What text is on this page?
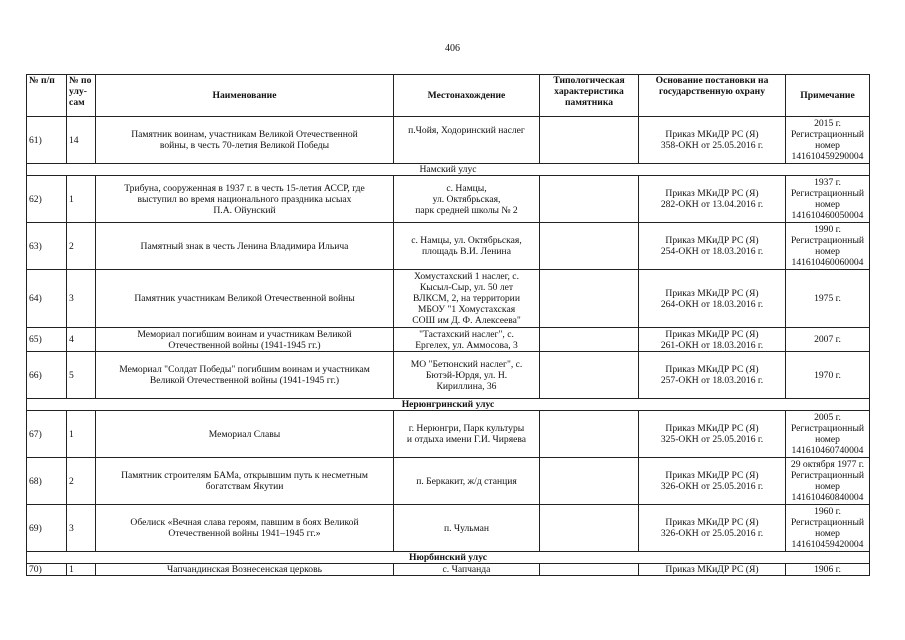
406
№ п/п	№ по
улу-
сам	Наименование	Местонахождение	Типологическая
характеристика
памятника	Основание постановки на
государственную охрану	Примечание
61)	14	Памятник воинам, участникам Великой Отечественной
войны, в честь 70-летия Великой Победы	п.Чойя, Ходоринский наслег		Приказ МКиДР РС (Я)
358-ОКН от 25.05.2016 г.	2015 г.
Регистрационный
номер
141610459290004
Намский улус						
62)	1	Трибуна, сооруженная в 1937 г. в честь 15-летия АССР, где
выступил во время национального праздника ысыах
П.А. Ойунский	с. Намцы,
ул. Октябрьская,
парк средней школы № 2		Приказ МКиДР РС (Я)
282-ОКН от 13.04.2016 г.	1937 г.
Регистрационный
номер
141610460050004
63)	2	Памятный знак в честь Ленина Владимира Ильича	с. Намцы, ул. Октябрьская,
площадь В.И. Ленина		Приказ МКиДР РС (Я)
254-ОКН от 18.03.2016 г.	1990 г.
Регистрационный
номер
141610460060004
64)	3	Памятник участникам Великой Отечественной войны	Хомустахский 1 наслег, с.
Кысыл-Сыр, ул. 50 лет
ВЛКСМ, 2, на территории
МБОУ "1 Хомустахская
СОШ им Д. Ф. Алексеева"		Приказ МКиДР РС (Я)
264-ОКН от 18.03.2016 г.	1975 г.
65)	4	Мемориал погибшим воинам и участникам Великой
Отечественной войны (1941-1945 гг.)	"Тастахский наслег", с.
Ергелех, ул. Аммосова, 3		Приказ МКиДР РС (Я)
261-ОКН от 18.03.2016 г.	2007 г.
66)	5	Мемориал "Солдат Победы" погибшим воинам и участникам
Великой Отечественной войны (1941-1945 гг.)	МО "Бетюнский наслег", с.
Бютэй-Юрдя, ул. Н.
Кириллина, 36		Приказ МКиДР РС (Я)
257-ОКН от 18.03.2016 г.	1970 г.
Нерюнгринский улус						
67)	1	Мемориал Славы	г. Нерюнгри, Парк культуры
и отдыха имени Г.И. Чиряева		Приказ МКиДР РС (Я)
325-ОКН от 25.05.2016 г.	2005 г.
Регистрационный
номер
141610460740004
68)	2	Памятник строителям БАМа, открывшим путь к несметным
богатствам Якутии	п. Беркакит, ж/д станция		Приказ МКиДР РС (Я)
326-ОКН от 25.05.2016 г.	29 октября 1977 г.
Регистрационный
номер
141610460840004
69)	3	Обелиск «Вечная слава героям, павшим в боях Великой
Отечественной войны 1941–1945 гг.»	п. Чульман		Приказ МКиДР РС (Я)
326-ОКН от 25.05.2016 г.	1960 г.
Регистрационный
номер
141610459420004
Нюрбинский улус						
70)	1	Чапчандинская Вознесенская церковь	с. Чапчанда		Приказ МКиДР РС (Я)	1906 г.
